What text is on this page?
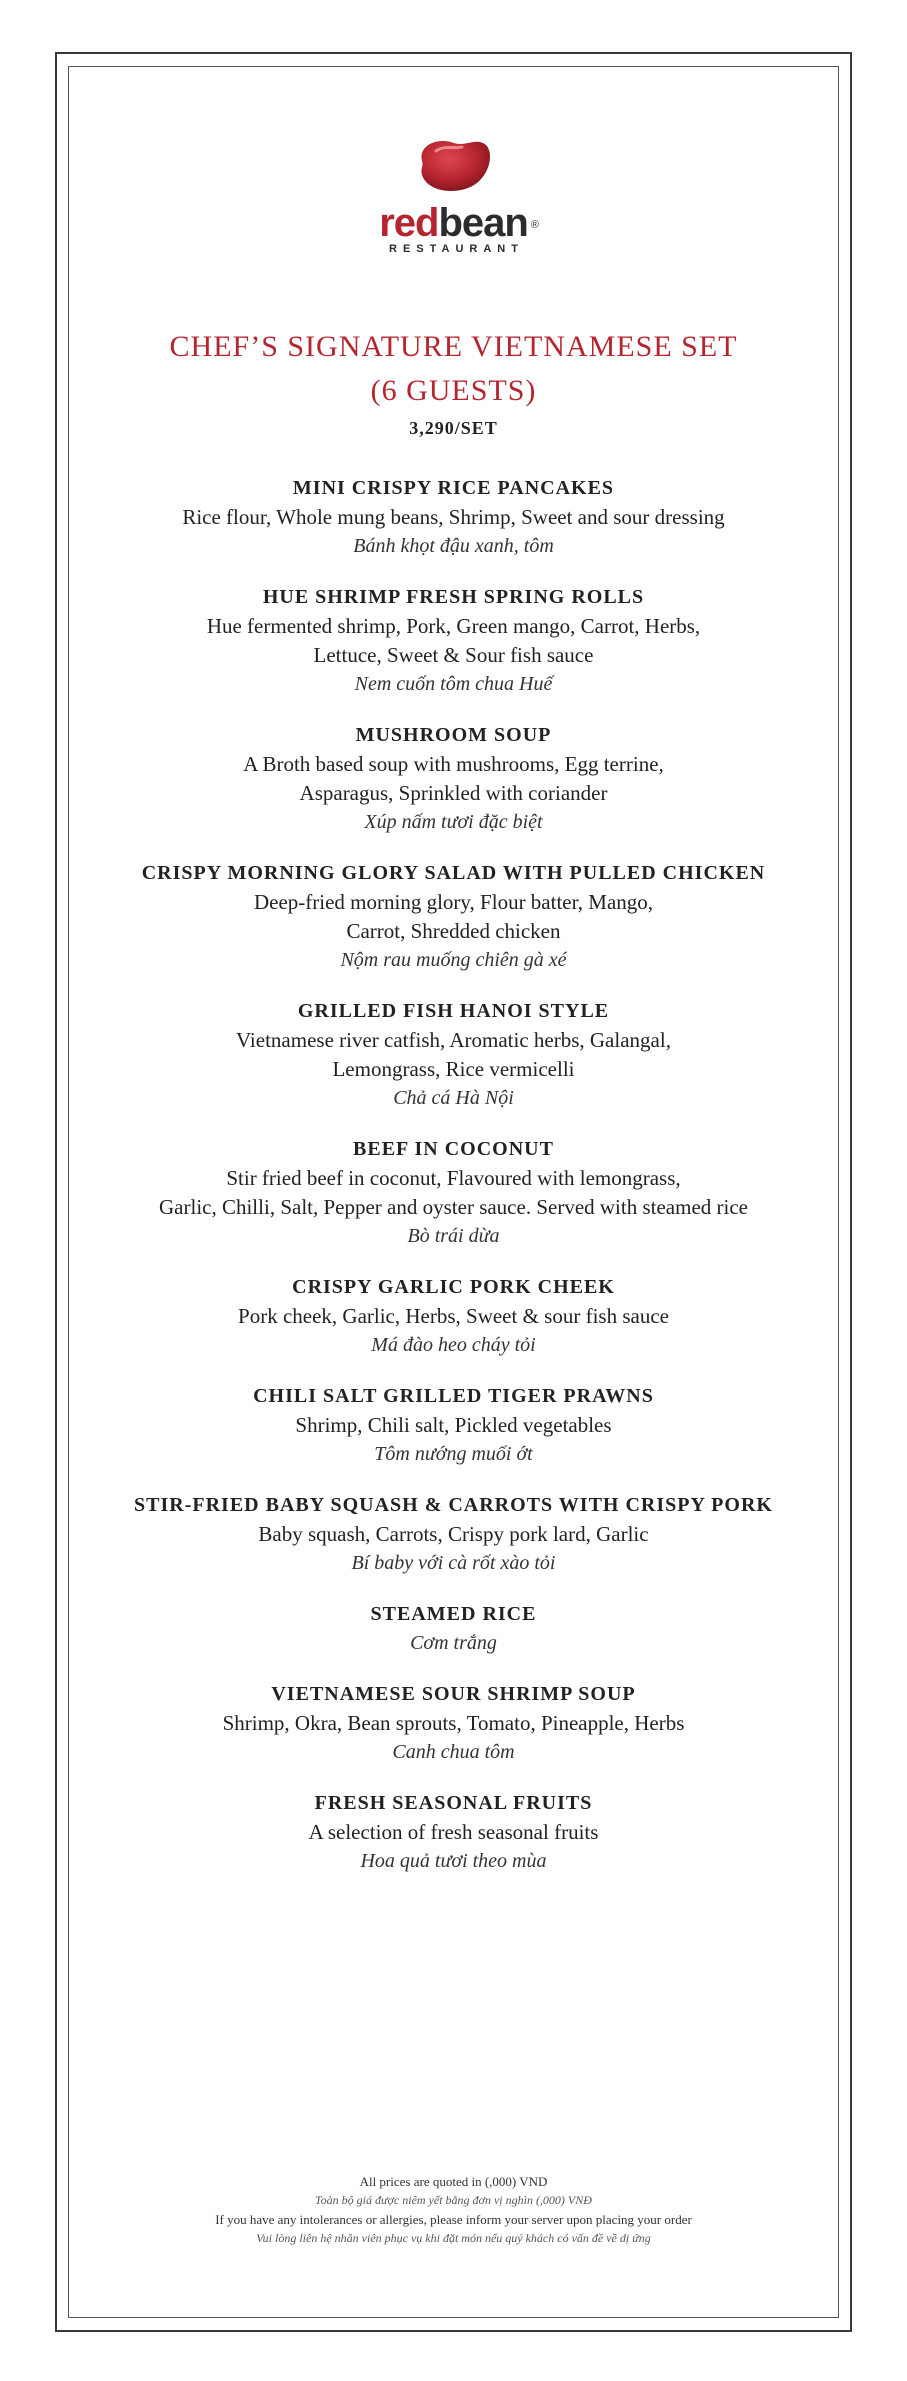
redbean ®
RESTAURANT
CHEF’S SIGNATURE VIETNAMESE SET
(6 GUESTS)
3,290/SET
MINI CRISPY RICE PANCAKES
Rice flour, Whole mung beans, Shrimp, Sweet and sour dressing
Bánh khọt đậu xanh, tôm
HUE SHRIMP FRESH SPRING ROLLS
Hue fermented shrimp, Pork, Green mango, Carrot, Herbs,
Lettuce, Sweet & Sour fish sauce
Nem cuốn tôm chua Huế
MUSHROOM SOUP
A Broth based soup with mushrooms, Egg terrine,
Asparagus, Sprinkled with coriander
Xúp nấm tươi đặc biệt
CRISPY MORNING GLORY SALAD WITH PULLED CHICKEN
Deep-fried morning glory, Flour batter, Mango,
Carrot, Shredded chicken
Nộm rau muống chiên gà xé
GRILLED FISH HANOI STYLE
Vietnamese river catfish, Aromatic herbs, Galangal,
Lemongrass, Rice vermicelli
Chả cá Hà Nội
BEEF IN COCONUT
Stir fried beef in coconut, Flavoured with lemongrass,
Garlic, Chilli, Salt, Pepper and oyster sauce. Served with steamed rice
Bò trái dừa
CRISPY GARLIC PORK CHEEK
Pork cheek, Garlic, Herbs, Sweet & sour fish sauce
Má đào heo cháy tỏi
CHILI SALT GRILLED TIGER PRAWNS
Shrimp, Chili salt, Pickled vegetables
Tôm nướng muối ớt
STIR-FRIED BABY SQUASH & CARROTS WITH CRISPY PORK
Baby squash, Carrots, Crispy pork lard, Garlic
Bí baby với cà rốt xào tỏi
STEAMED RICE
Cơm trắng
VIETNAMESE SOUR SHRIMP SOUP
Shrimp, Okra, Bean sprouts, Tomato, Pineapple, Herbs
Canh chua tôm
FRESH SEASONAL FRUITS
A selection of fresh seasonal fruits
Hoa quả tươi theo mùa
All prices are quoted in (,000) VND
Toàn bộ giá được niêm yết bằng đơn vị nghìn (,000) VNĐ
If you have any intolerances or allergies, please inform your server upon placing your order
Vui lòng liên hệ nhân viên phục vụ khi đặt món nếu quý khách có vấn đề về dị ứng
